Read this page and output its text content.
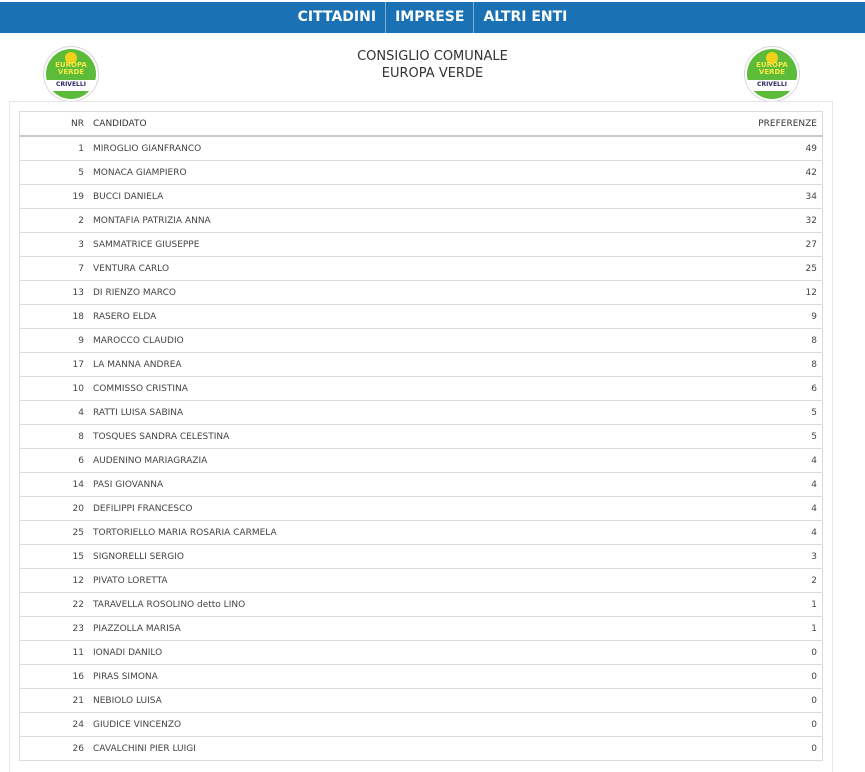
CITTADINI	IMPRESE	ALTRI ENTI
EUROPA VERDE
CRIVELLI
CONSIGLIO COMUNALE
EUROPA VERDE
EUROPA VERDE
CRIVELLI
NR	CANDIDATO	PREFERENZE
1	MIROGLIO GIANFRANCO	49
5	MONACA GIAMPIERO	42
19	BUCCI DANIELA	34
2	MONTAFIA PATRIZIA ANNA	32
3	SAMMATRICE GIUSEPPE	27
7	VENTURA CARLO	25
13	DI RIENZO MARCO	12
18	RASERO ELDA	9
9	MAROCCO CLAUDIO	8
17	LA MANNA ANDREA	8
10	COMMISSO CRISTINA	6
4	RATTI LUISA SABINA	5
8	TOSQUES SANDRA CELESTINA	5
6	AUDENINO MARIAGRAZIA	4
14	PASI GIOVANNA	4
20	DEFILIPPI FRANCESCO	4
25	TORTORIELLO MARIA ROSARIA CARMELA	4
15	SIGNORELLI SERGIO	3
12	PIVATO LORETTA	2
22	TARAVELLA ROSOLINO detto LINO	1
23	PIAZZOLLA MARISA	1
11	IONADI DANILO	0
16	PIRAS SIMONA	0
21	NEBIOLO LUISA	0
24	GIUDICE VINCENZO	0
26	CAVALCHINI PIER LUIGI	0
